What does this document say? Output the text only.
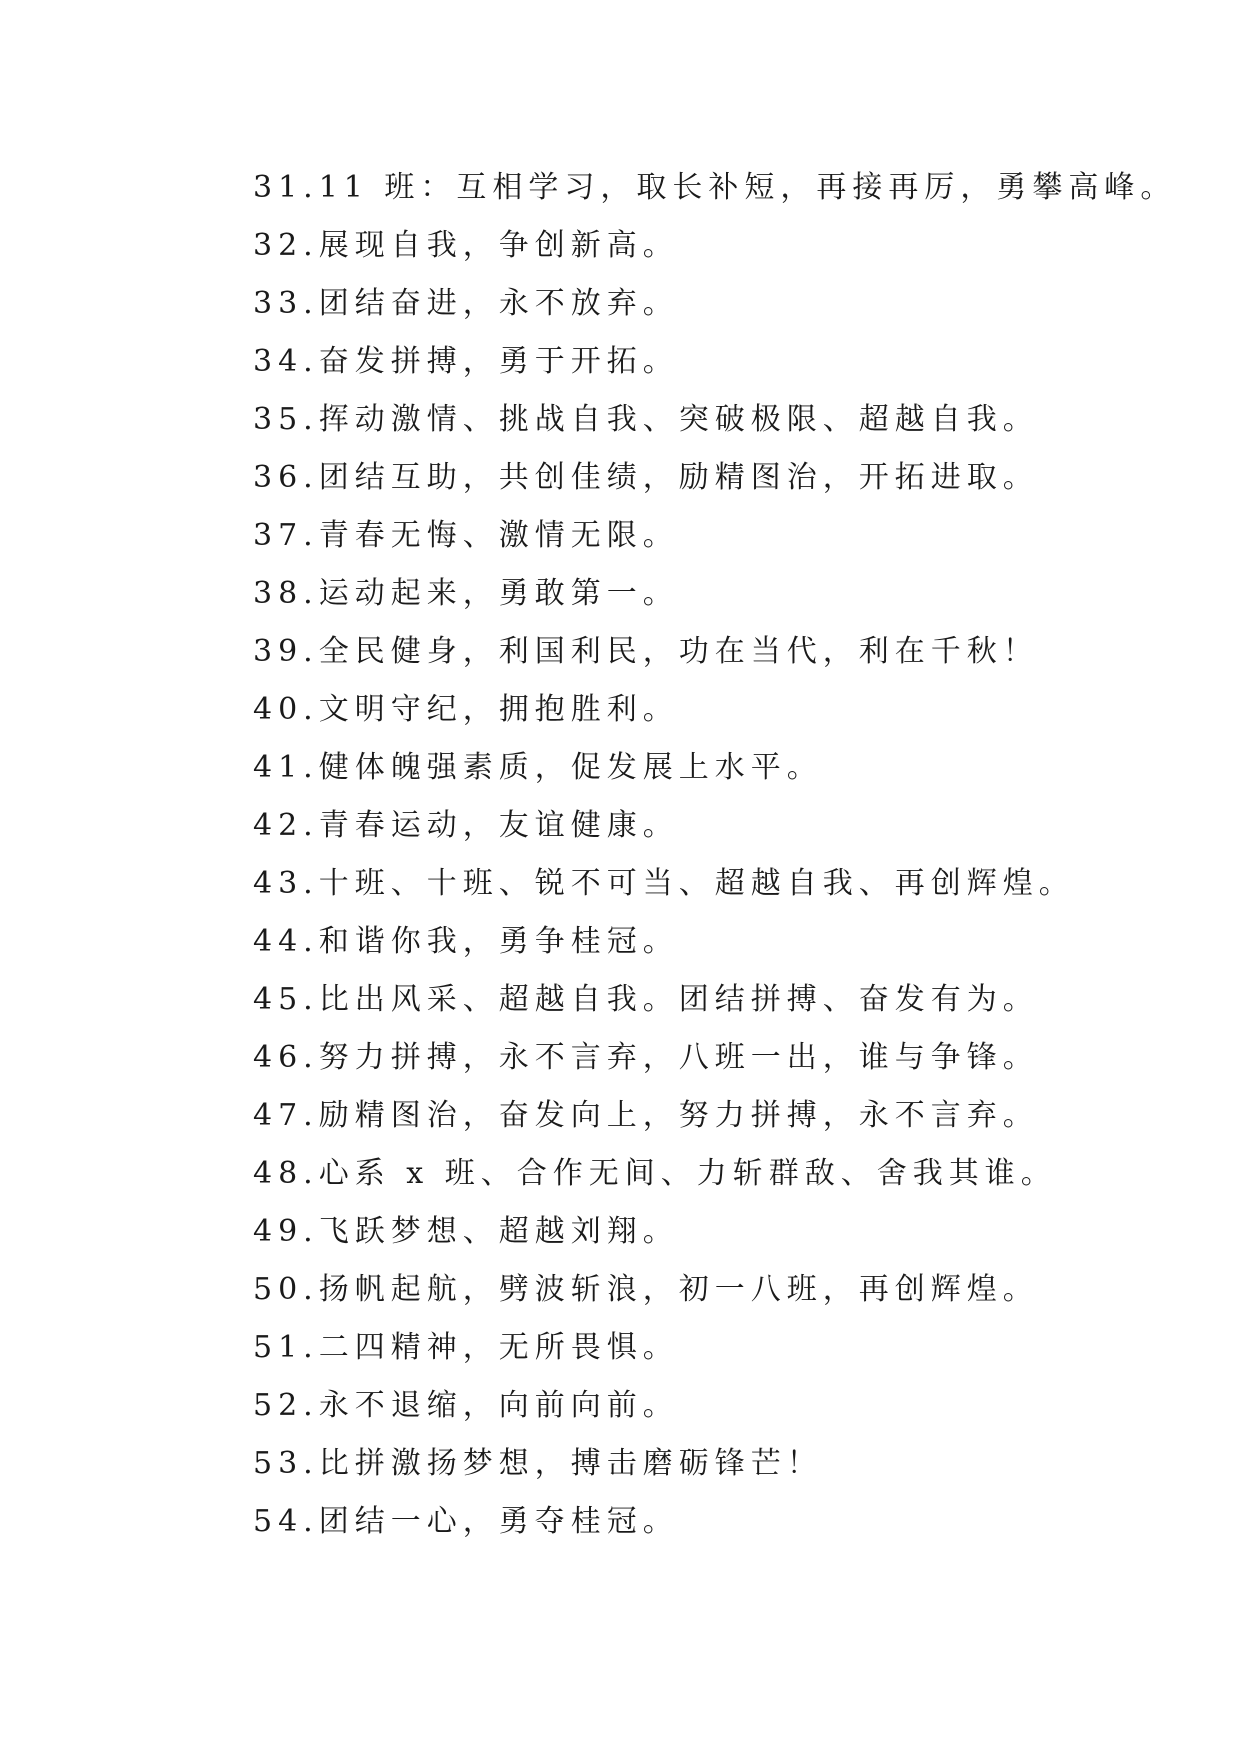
31.11 班：互相学习，取长补短，再接再厉，勇攀高峰。
32.展现自我，争创新高。
33.团结奋进，永不放弃。
34.奋发拼搏，勇于开拓。
35.挥动激情、挑战自我、突破极限、超越自我。
36.团结互助，共创佳绩，励精图治，开拓进取。
37.青春无悔、激情无限。
38.运动起来，勇敢第一。
39.全民健身，利国利民，功在当代，利在千秋！
40.文明守纪，拥抱胜利。
41.健体魄强素质，促发展上水平。
42.青春运动，友谊健康。
43.十班、十班、锐不可当、超越自我、再创辉煌。
44.和谐你我，勇争桂冠。
45.比出风采、超越自我。团结拼搏、奋发有为。
46.努力拼搏，永不言弃，八班一出，谁与争锋。
47.励精图治，奋发向上，努力拼搏，永不言弃。
48.心系 x 班、合作无间、力斩群敌、舍我其谁。
49.飞跃梦想、超越刘翔。
50.扬帆起航，劈波斩浪，初一八班，再创辉煌。
51.二四精神，无所畏惧。
52.永不退缩，向前向前。
53.比拼激扬梦想，搏击磨砺锋芒！
54.团结一心，勇夺桂冠。
